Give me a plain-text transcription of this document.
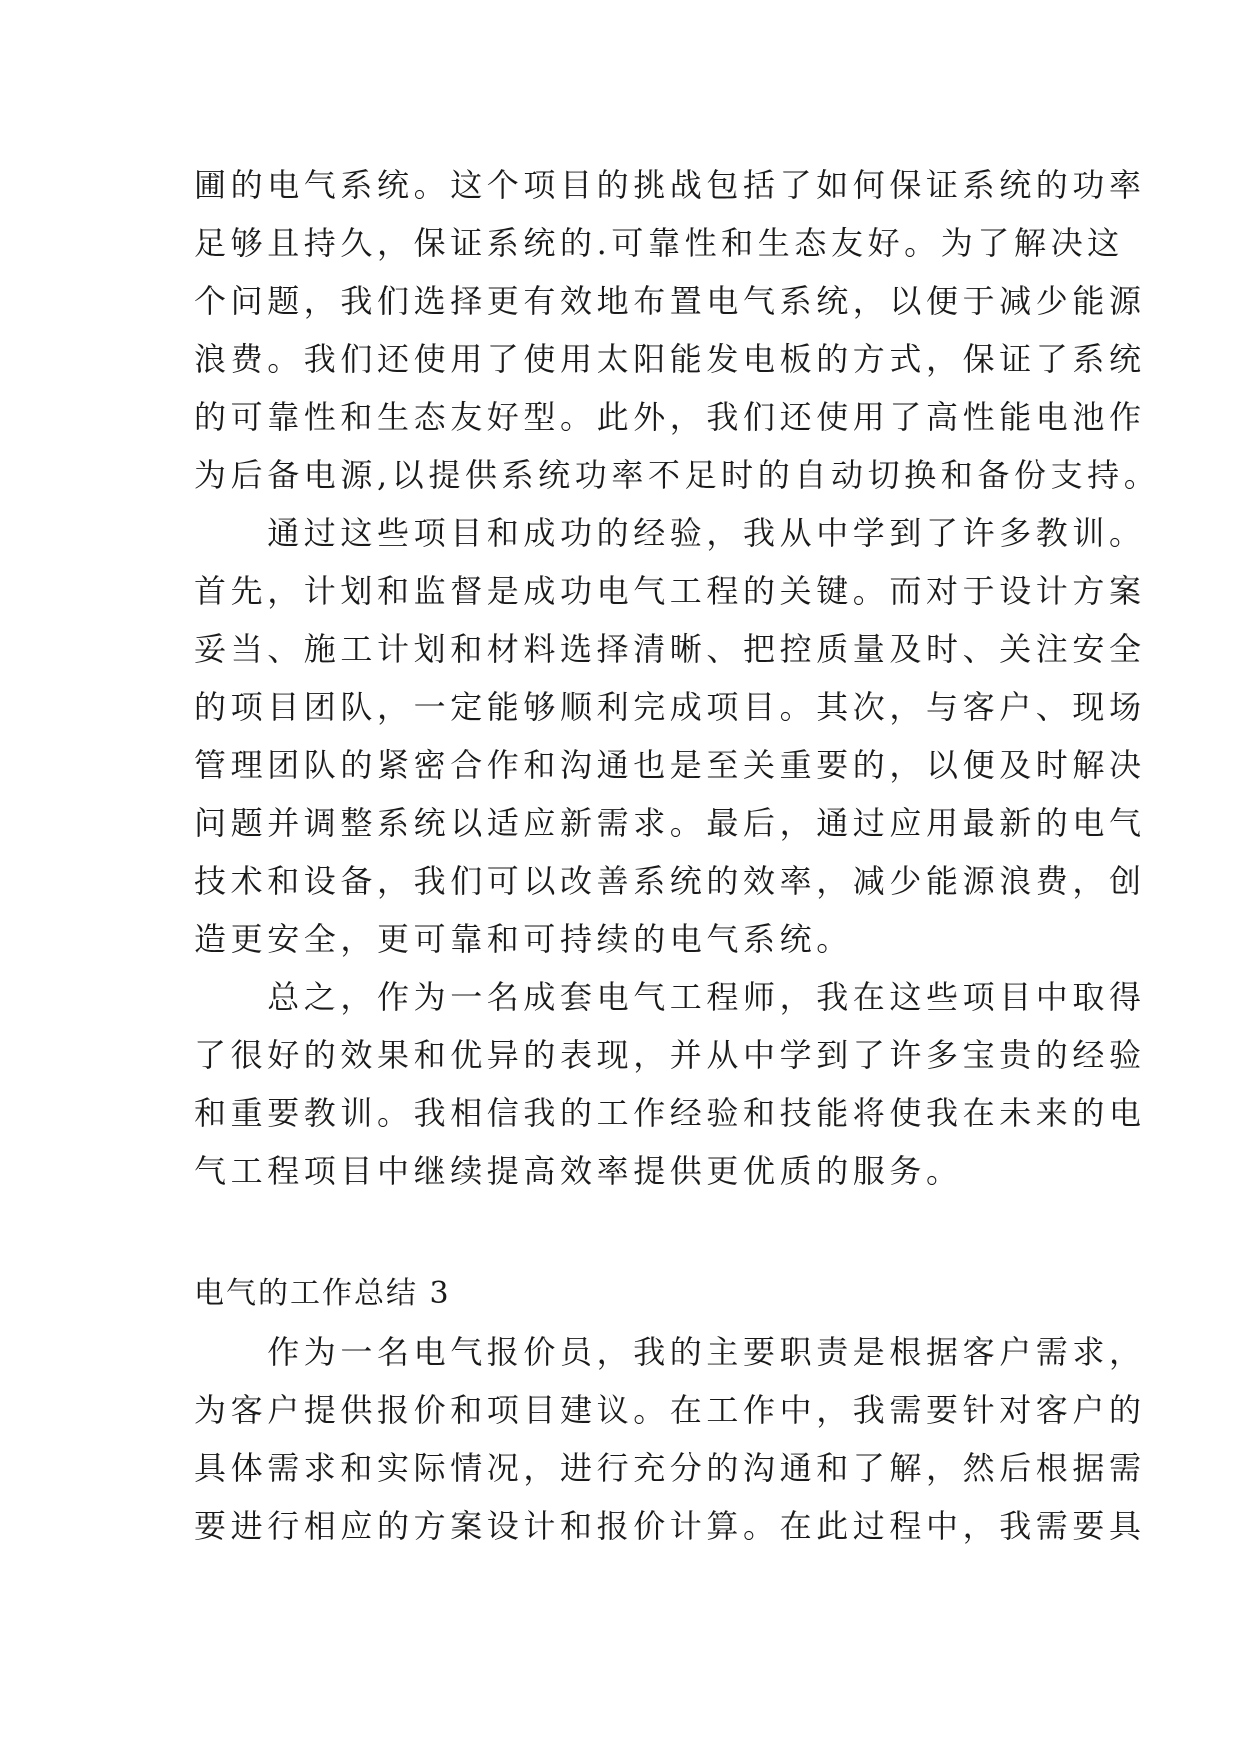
圃的电气系统。这个项目的挑战包括了如何保证系统的功率
足够且持久，保证系统的.可靠性和生态友好。为了解决这
个问题，我们选择更有效地布置电气系统，以便于减少能源
浪费。我们还使用了使用太阳能发电板的方式，保证了系统
的可靠性和生态友好型。此外，我们还使用了高性能电池作
为后备电源,以提供系统功率不足时的自动切换和备份支持。
　　通过这些项目和成功的经验，我从中学到了许多教训。
首先，计划和监督是成功电气工程的关键。而对于设计方案
妥当、施工计划和材料选择清晰、把控质量及时、关注安全
的项目团队，一定能够顺利完成项目。其次，与客户、现场
管理团队的紧密合作和沟通也是至关重要的，以便及时解决
问题并调整系统以适应新需求。最后，通过应用最新的电气
技术和设备，我们可以改善系统的效率，减少能源浪费，创
造更安全，更可靠和可持续的电气系统。
　　总之，作为一名成套电气工程师，我在这些项目中取得
了很好的效果和优异的表现，并从中学到了许多宝贵的经验
和重要教训。我相信我的工作经验和技能将使我在未来的电
气工程项目中继续提高效率提供更优质的服务。
　　作为一名电气报价员，我的主要职责是根据客户需求，
为客户提供报价和项目建议。在工作中，我需要针对客户的
具体需求和实际情况，进行充分的沟通和了解，然后根据需
要进行相应的方案设计和报价计算。在此过程中，我需要具
电气的工作总结 3
